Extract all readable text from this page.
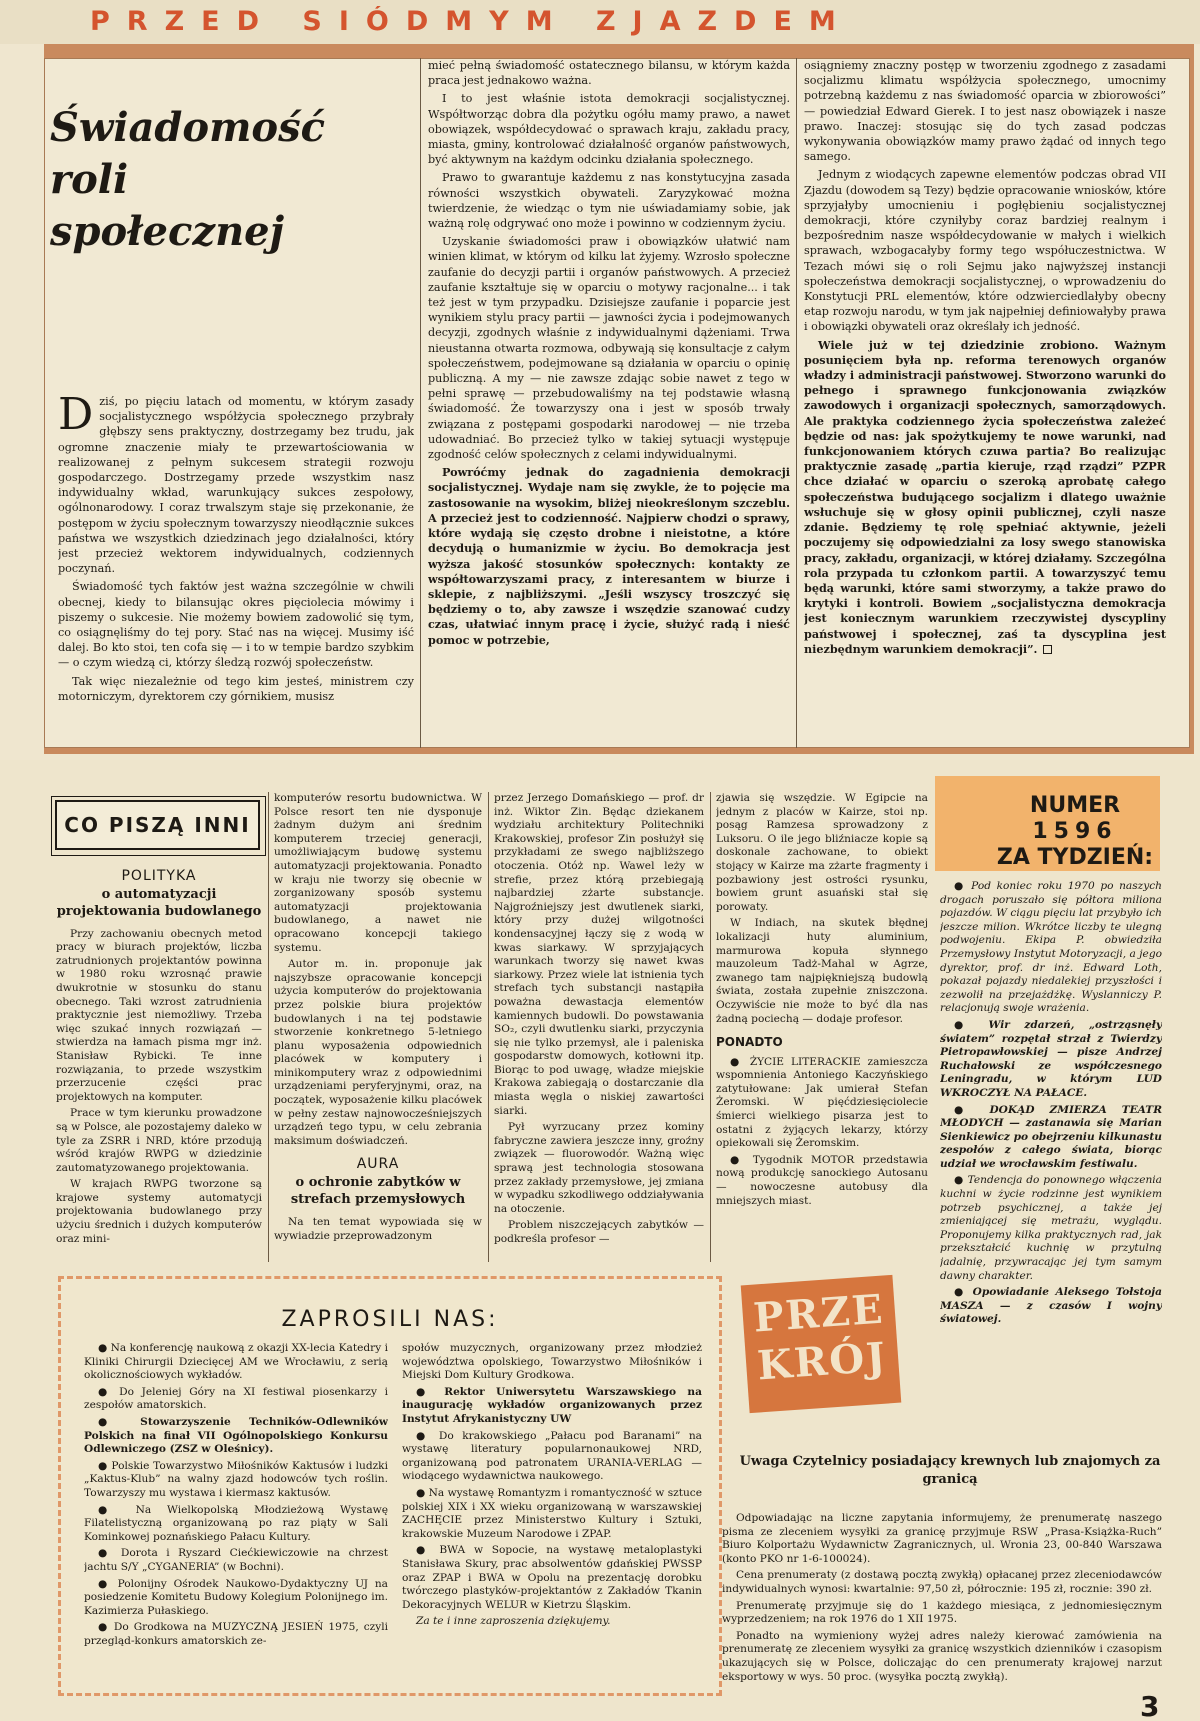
PRZED SIÓDMYM ZJAZDEM
Świadomość
roli
społecznej

Dziś, po pięciu latach od momentu, w którym zasady socjalistycznego współżycia społecznego przybrały głębszy sens praktyczny, dostrzegamy bez trudu, jak ogromne znaczenie miały te przewartościowania w realizowanej z pełnym sukcesem strategii rozwoju gospodarczego. Dostrzegamy przede wszystkim nasz indywidualny wkład, warunkujący sukces zespołowy, ogólnonarodowy. I coraz trwalszym staje się przekonanie, że postępom w życiu społecznym towarzyszy nieodłącznie sukces państwa we wszystkich dziedzinach jego działalności, który jest przecież wektorem indywidualnych, codziennych poczynań.

Świadomość tych faktów jest ważna szczególnie w chwili obecnej, kiedy to bilansując okres pięciolecia mówimy i piszemy o sukcesie. Nie możemy bowiem zadowolić się tym, co osiągnęliśmy do tej pory. Stać nas na więcej. Musimy iść dalej. Bo kto stoi, ten cofa się — i to w tempie bardzo szybkim — o czym wiedzą ci, którzy śledzą rozwój społeczeństw.

Tak więc niezależnie od tego kim jesteś, ministrem czy motorniczym, dyrektorem czy górnikiem, musisz

mieć pełną świadomość ostatecznego bilansu, w którym każda praca jest jednakowo ważna.

I to jest właśnie istota demokracji socjalistycznej. Współtworząc dobra dla pożytku ogółu mamy prawo, a nawet obowiązek, współdecydować o sprawach kraju, zakładu pracy, miasta, gminy, kontrolować działalność organów państwowych, być aktywnym na każdym odcinku działania społecznego.

Prawo to gwarantuje każdemu z nas konstytucyjna zasada równości wszystkich obywateli. Zaryzykować można twierdzenie, że wiedząc o tym nie uświadamiamy sobie, jak ważną rolę odgrywać ono może i powinno w codziennym życiu.

Uzyskanie świadomości praw i obowiązków ułatwić nam winien klimat, w którym od kilku lat żyjemy. Wzrosło społeczne zaufanie do decyzji partii i organów państwowych. A przecież zaufanie kształtuje się w oparciu o motywy racjonalne... i tak też jest w tym przypadku. Dzisiejsze zaufanie i poparcie jest wynikiem stylu pracy partii — jawności życia i podejmowanych decyzji, zgodnych właśnie z indywidualnymi dążeniami. Trwa nieustanna otwarta rozmowa, odbywają się konsultacje z całym społeczeństwem, podejmowane są działania w oparciu o opinię publiczną. A my — nie zawsze zdając sobie nawet z tego w pełni sprawę — przebudowaliśmy na tej podstawie własną świadomość. Że towarzyszy ona i jest w sposób trwały związana z postępami gospodarki narodowej — nie trzeba udowadniać. Bo przecież tylko w takiej sytuacji występuje zgodność celów społecznych z celami indywidualnymi.

Powróćmy jednak do zagadnienia demokracji socjalistycznej. Wydaje nam się zwykle, że to pojęcie ma zastosowanie na wysokim, bliżej nieokreślonym szczeblu. A przecież jest to codzienność. Najpierw chodzi o sprawy, które wydają się często drobne i nieistotne, a które decydują o humanizmie w życiu. Bo demokracja jest wyższa jakość stosunków społecznych: kontakty ze współtowarzyszami pracy, z interesantem w biurze i sklepie, z najbliższymi. „Jeśli wszyscy troszczyć się będziemy o to, aby zawsze i wszędzie szanować cudzy czas, ułatwiać innym pracę i życie, służyć radą i nieść pomoc w potrzebie,

osiągniemy znaczny postęp w tworzeniu zgodnego z zasadami socjalizmu klimatu współżycia społecznego, umocnimy potrzebną każdemu z nas świadomość oparcia w zbiorowości” — powiedział Edward Gierek. I to jest nasz obowiązek i nasze prawo. Inaczej: stosując się do tych zasad podczas wykonywania obowiązków mamy prawo żądać od innych tego samego.

Jednym z wiodących zapewne elementów podczas obrad VII Zjazdu (dowodem są Tezy) będzie opracowanie wniosków, które sprzyjałyby umocnieniu i pogłębieniu socjalistycznej demokracji, które czyniłyby coraz bardziej realnym i bezpośrednim nasze współdecydowanie w małych i wielkich sprawach, wzbogacałyby formy tego współuczestnictwa. W Tezach mówi się o roli Sejmu jako najwyższej instancji społeczeństwa demokracji socjalistycznej, o wprowadzeniu do Konstytucji PRL elementów, które odzwierciedlałyby obecny etap rozwoju narodu, w tym jak najpełniej definiowałyby prawa i obowiązki obywateli oraz określały ich jedność.

Wiele już w tej dziedzinie zrobiono. Ważnym posunięciem była np. reforma terenowych organów władzy i administracji państwowej. Stworzono warunki do pełnego i sprawnego funkcjonowania związków zawodowych i organizacji społecznych, samorządowych. Ale praktyka codziennego życia społeczeństwa zależeć będzie od nas: jak spożytkujemy te nowe warunki, nad funkcjonowaniem których czuwa partia? Bo realizując praktycznie zasadę „partia kieruje, rząd rządzi” PZPR chce działać w oparciu o szeroką aprobatę całego społeczeństwa budującego socjalizm i dlatego uważnie wsłuchuje się w głosy opinii publicznej, czyli nasze zdanie. Będziemy tę rolę spełniać aktywnie, jeżeli poczujemy się odpowiedzialni za losy swego stanowiska pracy, zakładu, organizacji, w której działamy. Szczególna rola przypada tu członkom partii. A towarzyszyć temu będą warunki, które sami stworzymy, a także prawo do krytyki i kontroli. Bowiem „socjalistyczna demokracja jest koniecznym warunkiem rzeczywistej dyscypliny państwowej i społecznej, zaś ta dyscyplina jest niezbędnym warunkiem demokracji”.

CO PISZĄ INNI
POLITYKA
o automatyzacji projektowania budowlanego

Przy zachowaniu obecnych metod pracy w biurach projektów, liczba zatrudnionych projektantów powinna w 1980 roku wzrosnąć prawie dwukrotnie w stosunku do stanu obecnego. Taki wzrost zatrudnienia praktycznie jest niemożliwy. Trzeba więc szukać innych rozwiązań — stwierdza na łamach pisma mgr inż. Stanisław Rybicki. Te inne rozwiązania, to przede wszystkim przerzucenie części prac projektowych na komputer.

Prace w tym kierunku prowadzone są w Polsce, ale pozostajemy daleko w tyle za ZSRR i NRD, które przodują wśród krajów RWPG w dziedzinie zautomatyzowanego projektowania.

W krajach RWPG tworzone są krajowe systemy automatycji projektowania budowlanego przy użyciu średnich i dużych komputerów oraz mini-

komputerów resortu budownictwa. W Polsce resort ten nie dysponuje żadnym dużym ani średnim komputerem trzeciej generacji, umożliwiającym budowę systemu automatyzacji projektowania. Ponadto w kraju nie tworzy się obecnie w zorganizowany sposób systemu automatyzacji projektowania budowlanego, a nawet nie opracowano koncepcji takiego systemu.

Autor m. in. proponuje jak najszybsze opracowanie koncepcji użycia komputerów do projektowania przez polskie biura projektów budowlanych i na tej podstawie stworzenie konkretnego 5-letniego planu wyposażenia odpowiednich placówek w komputery i minikomputery wraz z odpowiednimi urządzeniami peryferyjnymi, oraz, na początek, wyposażenie kilku placówek w pełny zestaw najnowocześniejszych urządzeń tego typu, w celu zebrania maksimum doświadczeń.

AURA
o ochronie zabytków w strefach przemysłowych

Na ten temat wypowiada się w wywiadzie przeprowadzonym

przez Jerzego Domańskiego — prof. dr inż. Wiktor Zin. Będąc dziekanem wydziału architektury Politechniki Krakowskiej, profesor Zin posłużył się przykładami ze swego najbliższego otoczenia. Otóż np. Wawel leży w strefie, przez którą przebiegają najbardziej zżarte substancje. Najgroźniejszy jest dwutlenek siarki, który przy dużej wilgotności kondensacyjnej łączy się z wodą w kwas siarkawy. W sprzyjających warunkach tworzy się nawet kwas siarkowy. Przez wiele lat istnienia tych strefach tych substancji nastąpiła poważna dewastacja elementów kamiennych budowli. Do powstawania SO₂, czyli dwutlenku siarki, przyczynia się nie tylko przemysł, ale i paleniska gospodarstw domowych, kotłowni itp. Biorąc to pod uwagę, władze miejskie Krakowa zabiegają o dostarczanie dla miasta węgla o niskiej zawartości siarki.

Pył wyrzucany przez kominy fabryczne zawiera jeszcze inny, groźny związek — fluorowodór. Ważną więc sprawą jest technologia stosowana przez zakłady przemysłowe, jej zmiana w wypadku szkodliwego oddziaływania na otoczenie.

Problem niszczejących zabytków — podkreśla profesor —

zjawia się wszędzie. W Egipcie na jednym z placów w Kairze, stoi np. posąg Ramzesa sprowadzony z Luksoru. O ile jego bliźniacze kopie są doskonale zachowane, to obiekt stojący w Kairze ma zżarte fragmenty i pozbawiony jest ostrości rysunku, bowiem grunt asuański stał się porowaty.

W Indiach, na skutek błędnej lokalizacji huty aluminium, marmurowa kopuła słynnego mauzoleum Tadż-Mahal w Agrze, zwanego tam najpiękniejszą budowlą świata, została zupełnie zniszczona. Oczywiście nie może to być dla nas żadną pociechą — dodaje profesor.

PONADTO

● ŻYCIE LITERACKIE zamieszcza wspomnienia Antoniego Kaczyńskiego zatytułowane: Jak umierał Stefan Żeromski. W pięćdziesięciolecie śmierci wielkiego pisarza jest to ostatni z żyjących lekarzy, którzy opiekowali się Żeromskim.

● Tygodnik MOTOR przedstawia nową produkcję sanockiego Autosanu — nowoczesne autobusy dla mniejszych miast.

NUMER
1596
ZA TYDZIEŃ:

● Pod koniec roku 1970 po naszych drogach poruszało się półtora miliona pojazdów. W ciągu pięciu lat przybyło ich jeszcze milion. Wkrótce liczby te ulegną podwojeniu. Ekipa P. obwiedziła Przemysłowy Instytut Motoryzacji, a jego dyrektor, prof. dr inż. Edward Loth, pokazał pojazdy niedalekiej przyszłości i zezwolił na przejażdżkę. Wyslanniczy P. relacjonują swoje wrażenia.

● Wir zdarzeń, „ostrząsnęły światem” rozpętał strzał z Twierdzy Pietropawłowskiej — pisze Andrzej Ruchałowski ze współczesnego Leningradu, w którym LUD WKROCZYŁ NA PAŁACE.

● DOKĄD ZMIERZA TEATR MŁODYCH — zastanawia się Marian Sienkiewicz po obejrzeniu kilkunastu zespołów z całego świata, biorąc udział we wrocławskim festiwalu.

● Tendencja do ponownego włączenia kuchni w życie rodzinne jest wynikiem potrzeb psychicznej, a także jej zmieniającej się metrażu, wyglądu. Proponujemy kilka praktycznych rad, jak przekształcić kuchnię w przytulną jadalnię, przywracając jej tym samym dawny charakter.

● Opowiadanie Aleksego Tołstoja MASZA — z czasów I wojny światowej.

ZAPROSILI NAS:

● Na konferencję naukową z okazji XX-lecia Katedry i Kliniki Chirurgii Dziecięcej AM we Wrocławiu, z serią okolicznościowych wykładów.

● Do Jeleniej Góry na XI festiwal piosenkarzy i zespołów amatorskich.

● Stowarzyszenie Techników-Odlewników Polskich na finał VII Ogólnopolskiego Konkursu Odlewniczego (ZSZ w Oleśnicy).

● Polskie Towarzystwo Miłośników Kaktusów i ludzki „Kaktus-Klub” na walny zjazd hodowców tych roślin. Towarzyszy mu wystawa i kiermasz kaktusów.

● Na Wielkopolską Młodzieżową Wystawę Filatelistyczną organizowaną po raz piąty w Sali Kominkowej poznańskiego Pałacu Kultury.

● Dorota i Ryszard Ciećkiewiczowie na chrzest jachtu S/Y „CYGANERIA” (w Bochni).

● Polonijny Ośrodek Naukowo-Dydaktyczny UJ na posiedzenie Komitetu Budowy Kolegium Polonijnego im. Kazimierza Pułaskiego.

● Do Grodkowa na MUZYCZNĄ JESIEŃ 1975, czyli przegląd-konkurs amatorskich ze-

społów muzycznych, organizowany przez młodzież województwa opolskiego, Towarzystwo Miłośników i Miejski Dom Kultury Grodkowa.

● Rektor Uniwersytetu Warszawskiego na inaugurację wykładów organizowanych przez Instytut Afrykanistyczny UW

● Do krakowskiego „Pałacu pod Baranami” na wystawę literatury popularnonaukowej NRD, organizowaną pod patronatem URANIA-VERLAG — wiodącego wydawnictwa naukowego.

● Na wystawę Romantyzm i romantyczność w sztuce polskiej XIX i XX wieku organizowaną w warszawskiej ZACHĘCIE przez Ministerstwo Kultury i Sztuki, krakowskie Muzeum Narodowe i ZPAP.

● BWA w Sopocie, na wystawę metaloplastyki Stanisława Skury, prac absolwentów gdańskiej PWSSP oraz ZPAP i BWA w Opolu na prezentację dorobku twórczego plastyków-projektantów z Zakładów Tkanin Dekoracyjnych WELUR w Kietrzu Śląskim.

Za te i inne zaproszenia dziękujemy.

PRZE
KRÓJ
Uwaga Czytelnicy posiadający krewnych lub znajomych za granicą

Odpowiadając na liczne zapytania informujemy, że prenumeratę naszego pisma ze zleceniem wysyłki za granicę przyjmuje RSW „Prasa-Książka-Ruch” Biuro Kolportażu Wydawnictw Zagranicznych, ul. Wronia 23, 00-840 Warszawa (konto PKO nr 1-6-100024).

Cena prenumeraty (z dostawą pocztą zwykłą) opłacanej przez zleceniodawców indywidualnych wynosi: kwartalnie: 97,50 zł, półrocznie: 195 zł, rocznie: 390 zł.

Prenumeratę przyjmuje się do 1 każdego miesiąca, z jednomiesięcznym wyprzedzeniem; na rok 1976 do 1 XII 1975.

Ponadto na wymieniony wyżej adres należy kierować zamówienia na prenumeratę ze zleceniem wysyłki za granicę wszystkich dzienników i czasopism ukazujących się w Polsce, doliczając do cen prenumeraty krajowej narzut eksportowy w wys. 50 proc. (wysyłka pocztą zwykłą).

3
